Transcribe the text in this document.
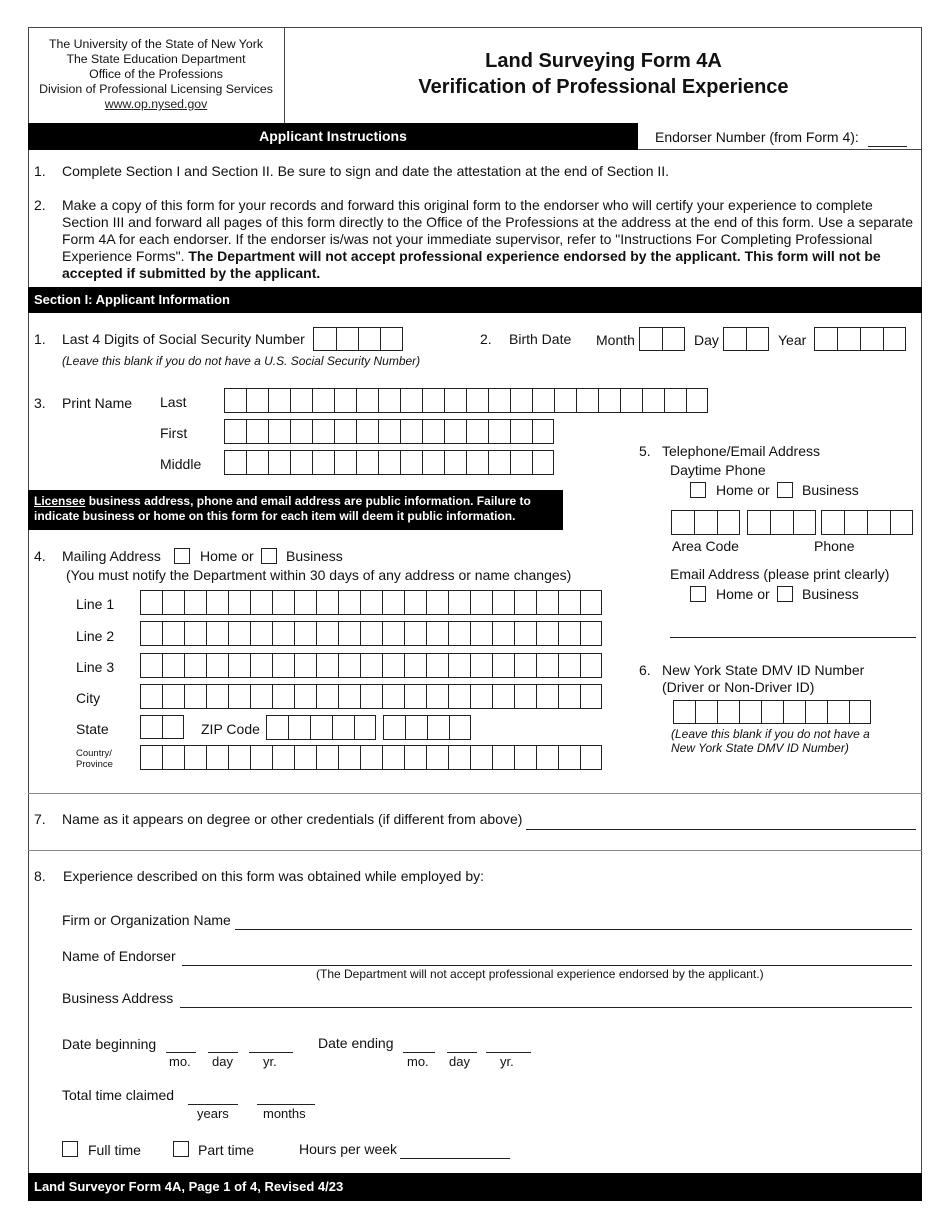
The University of the State of New York
The State Education Department
Office of the Professions
Division of Professional Licensing Services
www.op.nysed.gov
Land Surveying Form 4A
Verification of Professional Experience
Applicant Instructions	Endorser Number (from Form 4):
1. Complete Section I and Section II. Be sure to sign and date the attestation at the end of Section II.
2. Make a copy of this form for your records and forward this original form to the endorser who will certify your experience to complete Section III and forward all pages of this form directly to the Office of the Professions at the address at the end of this form. Use a separate Form 4A for each endorser. If the endorser is/was not your immediate supervisor, refer to "Instructions For Completing Professional Experience Forms". The Department will not accept professional experience endorsed by the applicant. This form will not be accepted if submitted by the applicant.
Section I: Applicant Information
1. Last 4 Digits of Social Security Number
(Leave this blank if you do not have a U.S. Social Security Number)
2. Birth Date Month	Day	Year
3. Print Name Last
First
Middle
Licensee business address, phone and email address are public information. Failure to
indicate business or home on this form for each item will deem it public information.
4. Mailing Address	Home or Business
(You must notify the Department within 30 days of any address or name changes)
Line 1
Line 2
Line 3
City
State	ZIP Code
Country/
Province
5. Telephone/Email Address
Daytime Phone
Home or Business
Area Code	Phone
Email Address (please print clearly)
Home or Business
6. New York State DMV ID Number
(Driver or Non-Driver ID)
(Leave this blank if you do not have a
New York State DMV ID Number)
7. Name as it appears on degree or other credentials (if different from above)
8. Experience described on this form was obtained while employed by:
Firm or Organization Name
Name of Endorser
(The Department will not accept professional experience endorsed by the applicant.)
Business Address
Date beginning
mo. day yr.
Date ending
mo. day yr.
Total time claimed
years	months
Full time	Part time	Hours per week
Land Surveyor Form 4A, Page 1 of 4, Revised 4/23
